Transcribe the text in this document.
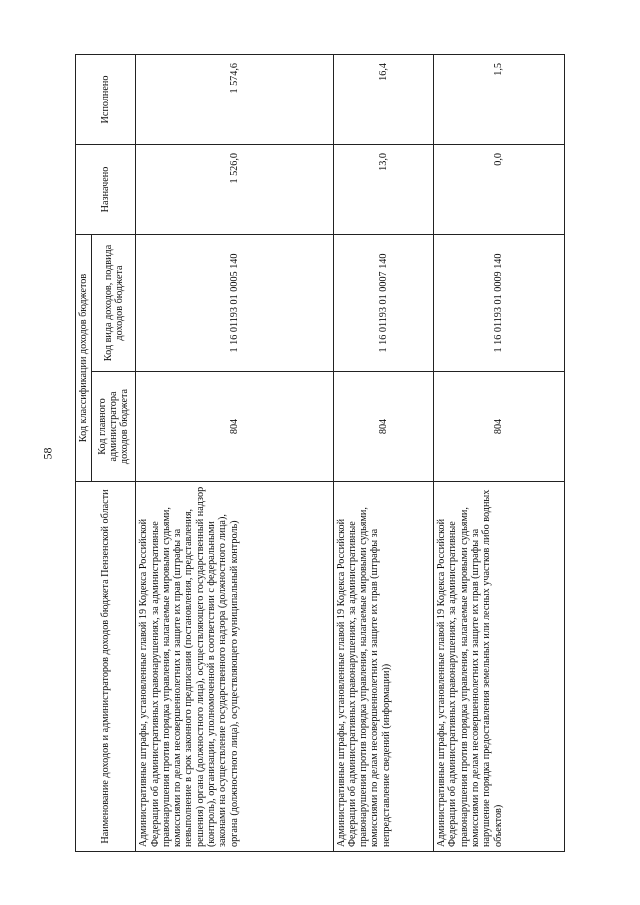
58
Наименование доходов и администраторов доходов бюджета Пензенской области	Код классификации доходов бюджетов		Назначено	Исполнено
	Код главного администратора доходов бюджета	Код вида доходов, подвида доходов бюджета		
Административные штрафы, установленные главой 19 Кодекса Российской Федерации об административных правонарушениях, за административные правонарушения против порядка управления, налагаемые мировыми судьями, комиссиями по делам несовершеннолетних и защите их прав (штрафы за невыполнение в срок законного предписания (постановления, представления, решения) органа (должностного лица), осуществляющего государственный надзор (контроль), организации, уполномоченной в соответствии с федеральными законами на осуществление государственного надзора (должностного лица), органа (должностного лица), осуществляющего муниципальный контроль)	804	1 16 01193 01 0005 140	1 526,0	1 574,6
Административные штрафы, установленные главой 19 Кодекса Российской Федерации об административных правонарушениях, за административные правонарушения против порядка управления, налагаемые мировыми судьями, комиссиями по делам несовершеннолетних и защите их прав (штрафы за непредставление сведений (информации))	804	1 16 01193 01 0007 140	13,0	16,4
Административные штрафы, установленные главой 19 Кодекса Российской Федерации об административных правонарушениях, за административные правонарушения против порядка управления, налагаемые мировыми судьями, комиссиями по делам несовершеннолетних и защите их прав (штрафы за нарушение порядка предоставления земельных или лесных участков либо водных объектов)	804	1 16 01193 01 0009 140	0,0	1,5
